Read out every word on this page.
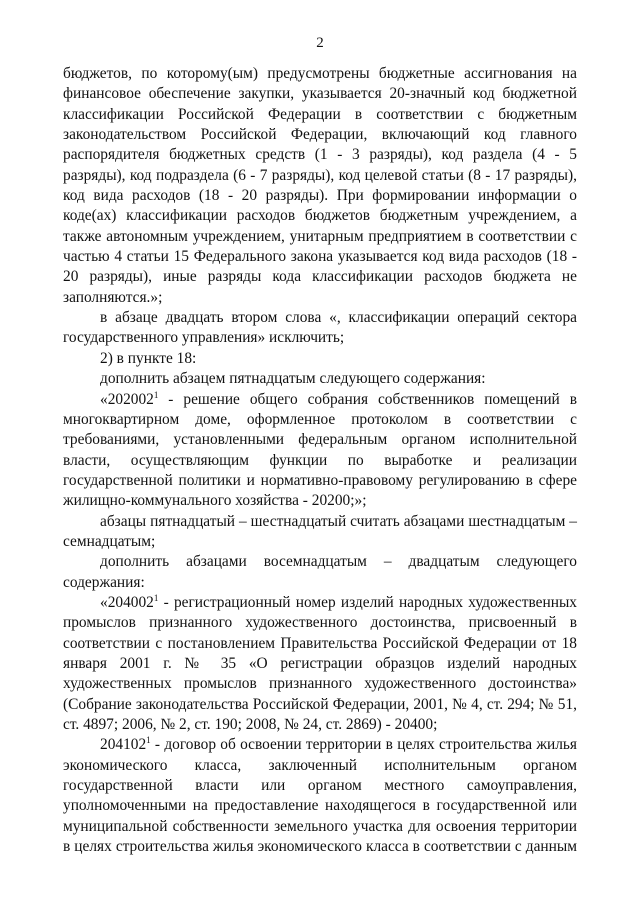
2

бюджетов, по которому(ым) предусмотрены бюджетные ассигнования на финансовое обеспечение закупки, указывается 20-значный код бюджетной классификации Российской Федерации в соответствии с бюджетным законодательством Российской Федерации, включающий код главного распорядителя бюджетных средств (1 - 3 разряды), код раздела (4 - 5 разряды), код подраздела (6 - 7 разряды), код целевой статьи (8 - 17 разряды), код вида расходов (18 - 20 разряды). При формировании информации о коде(ах) классификации расходов бюджетов бюджетным учреждением, а также автономным учреждением, унитарным предприятием в соответствии с частью 4 статьи 15 Федерального закона указывается код вида расходов (18 - 20 разряды), иные разряды кода классификации расходов бюджета не заполняются.»;

в абзаце двадцать втором слова «, классификации операций сектора государственного управления» исключить;

2) в пункте 18:

дополнить абзацем пятнадцатым следующего содержания:

«202002$^1$ - решение общего собрания собственников помещений в многоквартирном доме, оформленное протоколом в соответствии с требованиями, установленными федеральным органом исполнительной власти, осуществляющим функции по выработке и реализации государственной политики и нормативно-правовому регулированию в сфере жилищно-коммунального хозяйства - 20200;»;

абзацы пятнадцатый – шестнадцатый считать абзацами шестнадцатым – семнадцатым;

дополнить абзацами восемнадцатым – двадцатым следующего содержания:

«204002$^1$ - регистрационный номер изделий народных художественных промыслов признанного художественного достоинства, присвоенный в соответствии с постановлением Правительства Российской Федерации от 18 января 2001 г. № 35 «О регистрации образцов изделий народных художественных промыслов признанного художественного достоинства» (Собрание законодательства Российской Федерации, 2001, № 4, ст. 294; № 51, ст. 4897; 2006, № 2, ст. 190; 2008, № 24, ст. 2869) - 20400;

204102$^1$ - договор об освоении территории в целях строительства жилья экономического класса, заключенный исполнительным органом государственной власти или органом местного самоуправления, уполномоченными на предоставление находящегося в государственной или муниципальной собственности земельного участка для освоения территории в целях строительства жилья экономического класса в соответствии с данным
